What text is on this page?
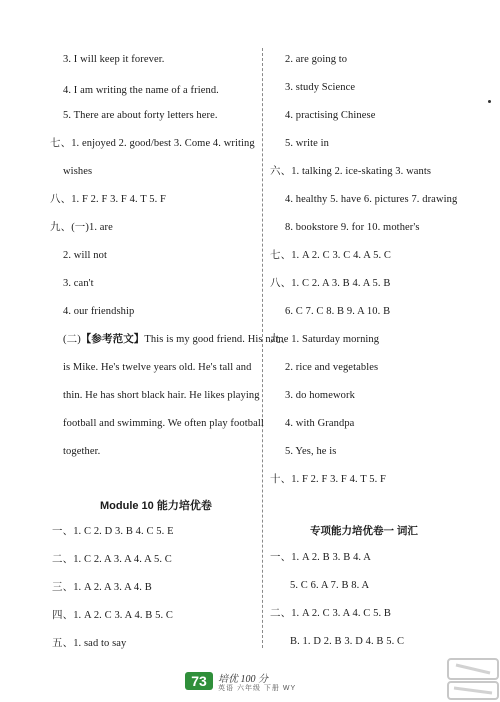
3. I will keep it forever.
4. I am writing the name of a friend.
5. There are about forty letters here.
七、1. enjoyed 2. good/best 3. Come 4. writing
wishes
八、1. F 2. F 3. F 4. T 5. F
九、(一)1. are
2. will not
3. can't
4. our friendship
(二)【参考范文】This is my good friend. His name
is Mike. He's twelve years old. He's tall and
thin. He has short black hair. He likes playing
football and swimming. We often play football
together.
Module 10 能力培优卷
一、1. C 2. D 3. B 4. C 5. E
二、1. C 2. A 3. A 4. A 5. C
三、1. A 2. A 3. A 4. B
四、1. A 2. C 3. A 4. B 5. C
五、1. sad to say
2. are going to
3. study Science
4. practising Chinese
5. write in
六、1. talking 2. ice-skating 3. wants
4. healthy 5. have 6. pictures 7. drawing
8. bookstore 9. for 10. mother's
七、1. A 2. C 3. C 4. A 5. C
八、1. C 2. A 3. B 4. A 5. B
6. C 7. C 8. B 9. A 10. B
九、1. Saturday morning
2. rice and vegetables
3. do homework
4. with Grandpa
5. Yes, he is
十、1. F 2. F 3. F 4. T 5. F
专项能力培优卷一 词汇
一、1. A 2. B 3. B 4. A
5. C 6. A 7. B 8. A
二、1. A 2. C 3. A 4. C 5. B
B. 1. D 2. B 3. D 4. B 5. C
73	培优 100 分
英语 六年级 下册 WY
